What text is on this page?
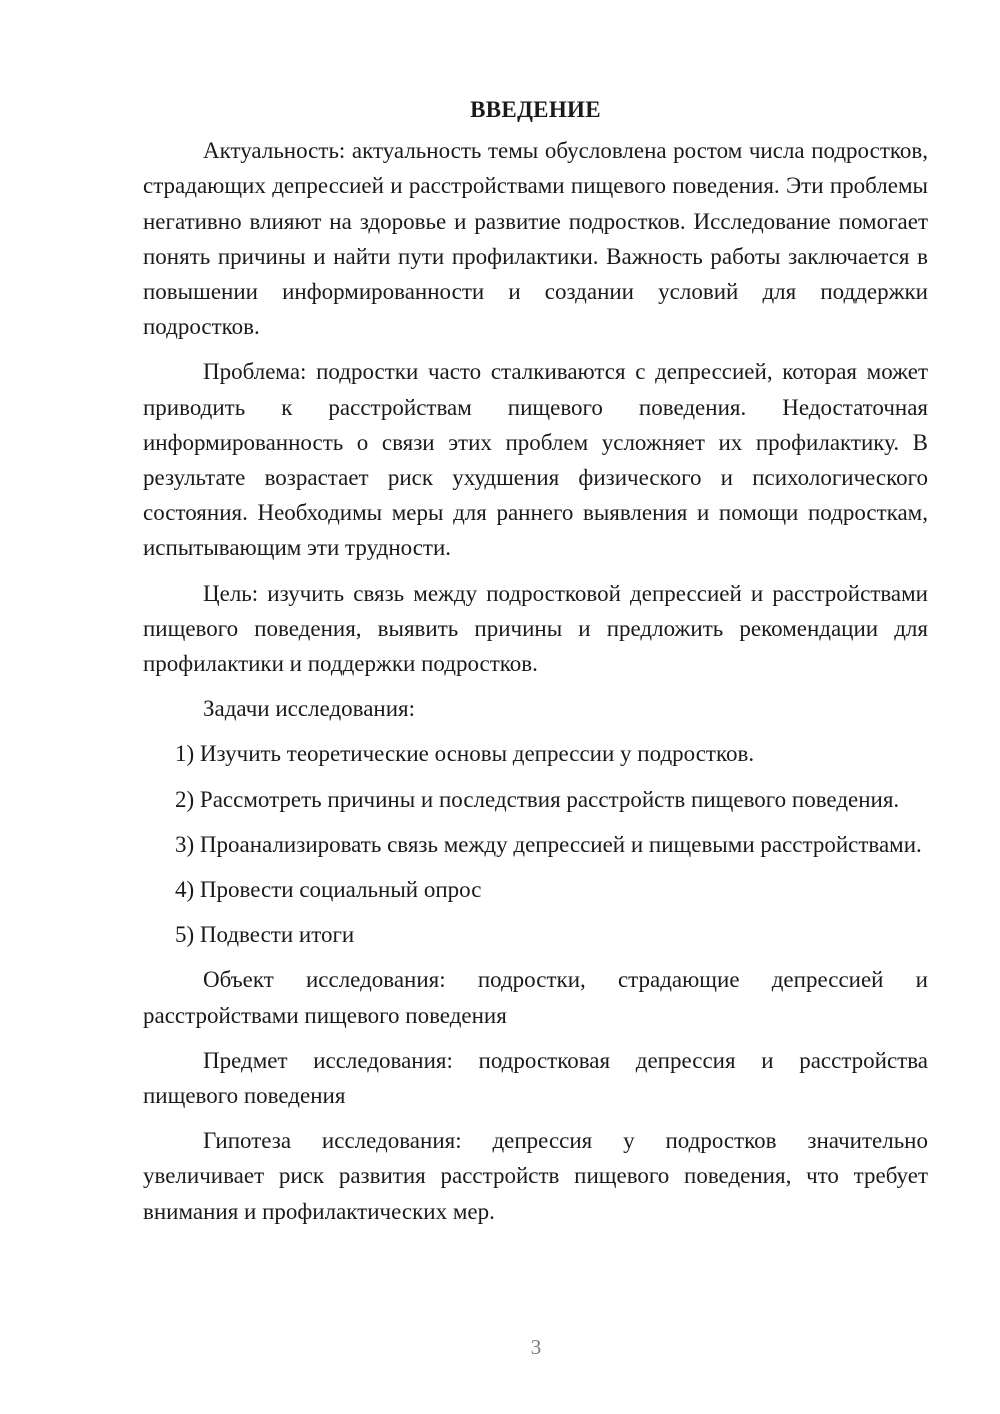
ВВЕДЕНИЕ

Актуальность: актуальность темы обусловлена ростом числа подростков, страдающих депрессией и расстройствами пищевого поведения. Эти проблемы негативно влияют на здоровье и развитие подростков. Исследование помогает понять причины и найти пути профилактики. Важность работы заключается в повышении информированности и создании условий для поддержки подростков.

Проблема: подростки часто сталкиваются с депрессией, которая может приводить к расстройствам пищевого поведения. Недостаточная информированность о связи этих проблем усложняет их профилактику. В результате возрастает риск ухудшения физического и психологического состояния. Необходимы меры для раннего выявления и помощи подросткам, испытывающим эти трудности.

Цель: изучить связь между подростковой депрессией и расстройствами пищевого поведения, выявить причины и предложить рекомендации для профилактики и поддержки подростков.

Задачи исследования:

1) Изучить теоретические основы депрессии у подростков.

2) Рассмотреть причины и последствия расстройств пищевого поведения.

3) Проанализировать связь между депрессией и пищевыми расстройствами.

4) Провести социальный опрос

5) Подвести итоги

Объект исследования: подростки, страдающие депрессией и расстройствами пищевого поведения

Предмет исследования: подростковая депрессия и расстройства пищевого поведения

Гипотеза исследования: депрессия у подростков значительно увеличивает риск развития расстройств пищевого поведения, что требует внимания и профилактических мер.

3
